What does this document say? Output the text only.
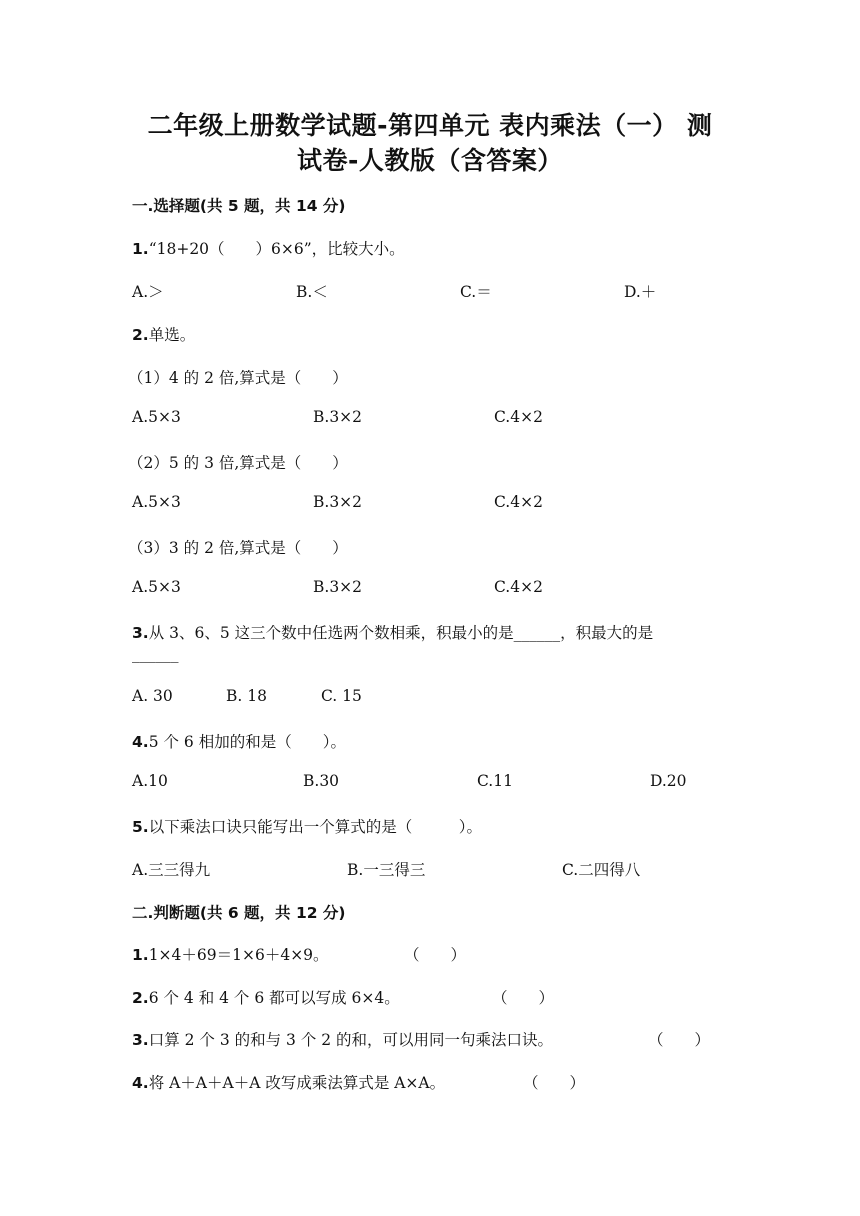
二年级上册数学试题-第四单元 表内乘法（一） 测
试卷-人教版（含答案）
一.选择题(共 5 题，共 14 分)
1.“18+20（　　）6×6”，比较大小。
A.＞	B.＜	C.＝	D.＋
2.单选。
（1）4 的 2 倍,算式是（　　）
A.5×3	B.3×2	C.4×2
（2）5 的 3 倍,算式是（　　）
A.5×3	B.3×2	C.4×2
（3）3 的 2 倍,算式是（　　）
A.5×3	B.3×2	C.4×2
3.从 3、6、5 这三个数中任选两个数相乘，积最小的是______，积最大的是
______
A. 30	B. 18	C. 15
4.5 个 6 相加的和是（　　）。
A.10	B.30	C.11	D.20
5.以下乘法口诀只能写出一个算式的是（　　　）。
A.三三得九	B.一三得三	C.二四得八
二.判断题(共 6 题，共 12 分)
1.1×4＋69＝1×6＋4×9。	（　　）
2.6 个 4 和 4 个 6 都可以写成 6×4。	（　　）
3.口算 2 个 3 的和与 3 个 2 的和，可以用同一句乘法口诀。	（　　）
4.将 A＋A＋A＋A 改写成乘法算式是 A×A。	（　　）
